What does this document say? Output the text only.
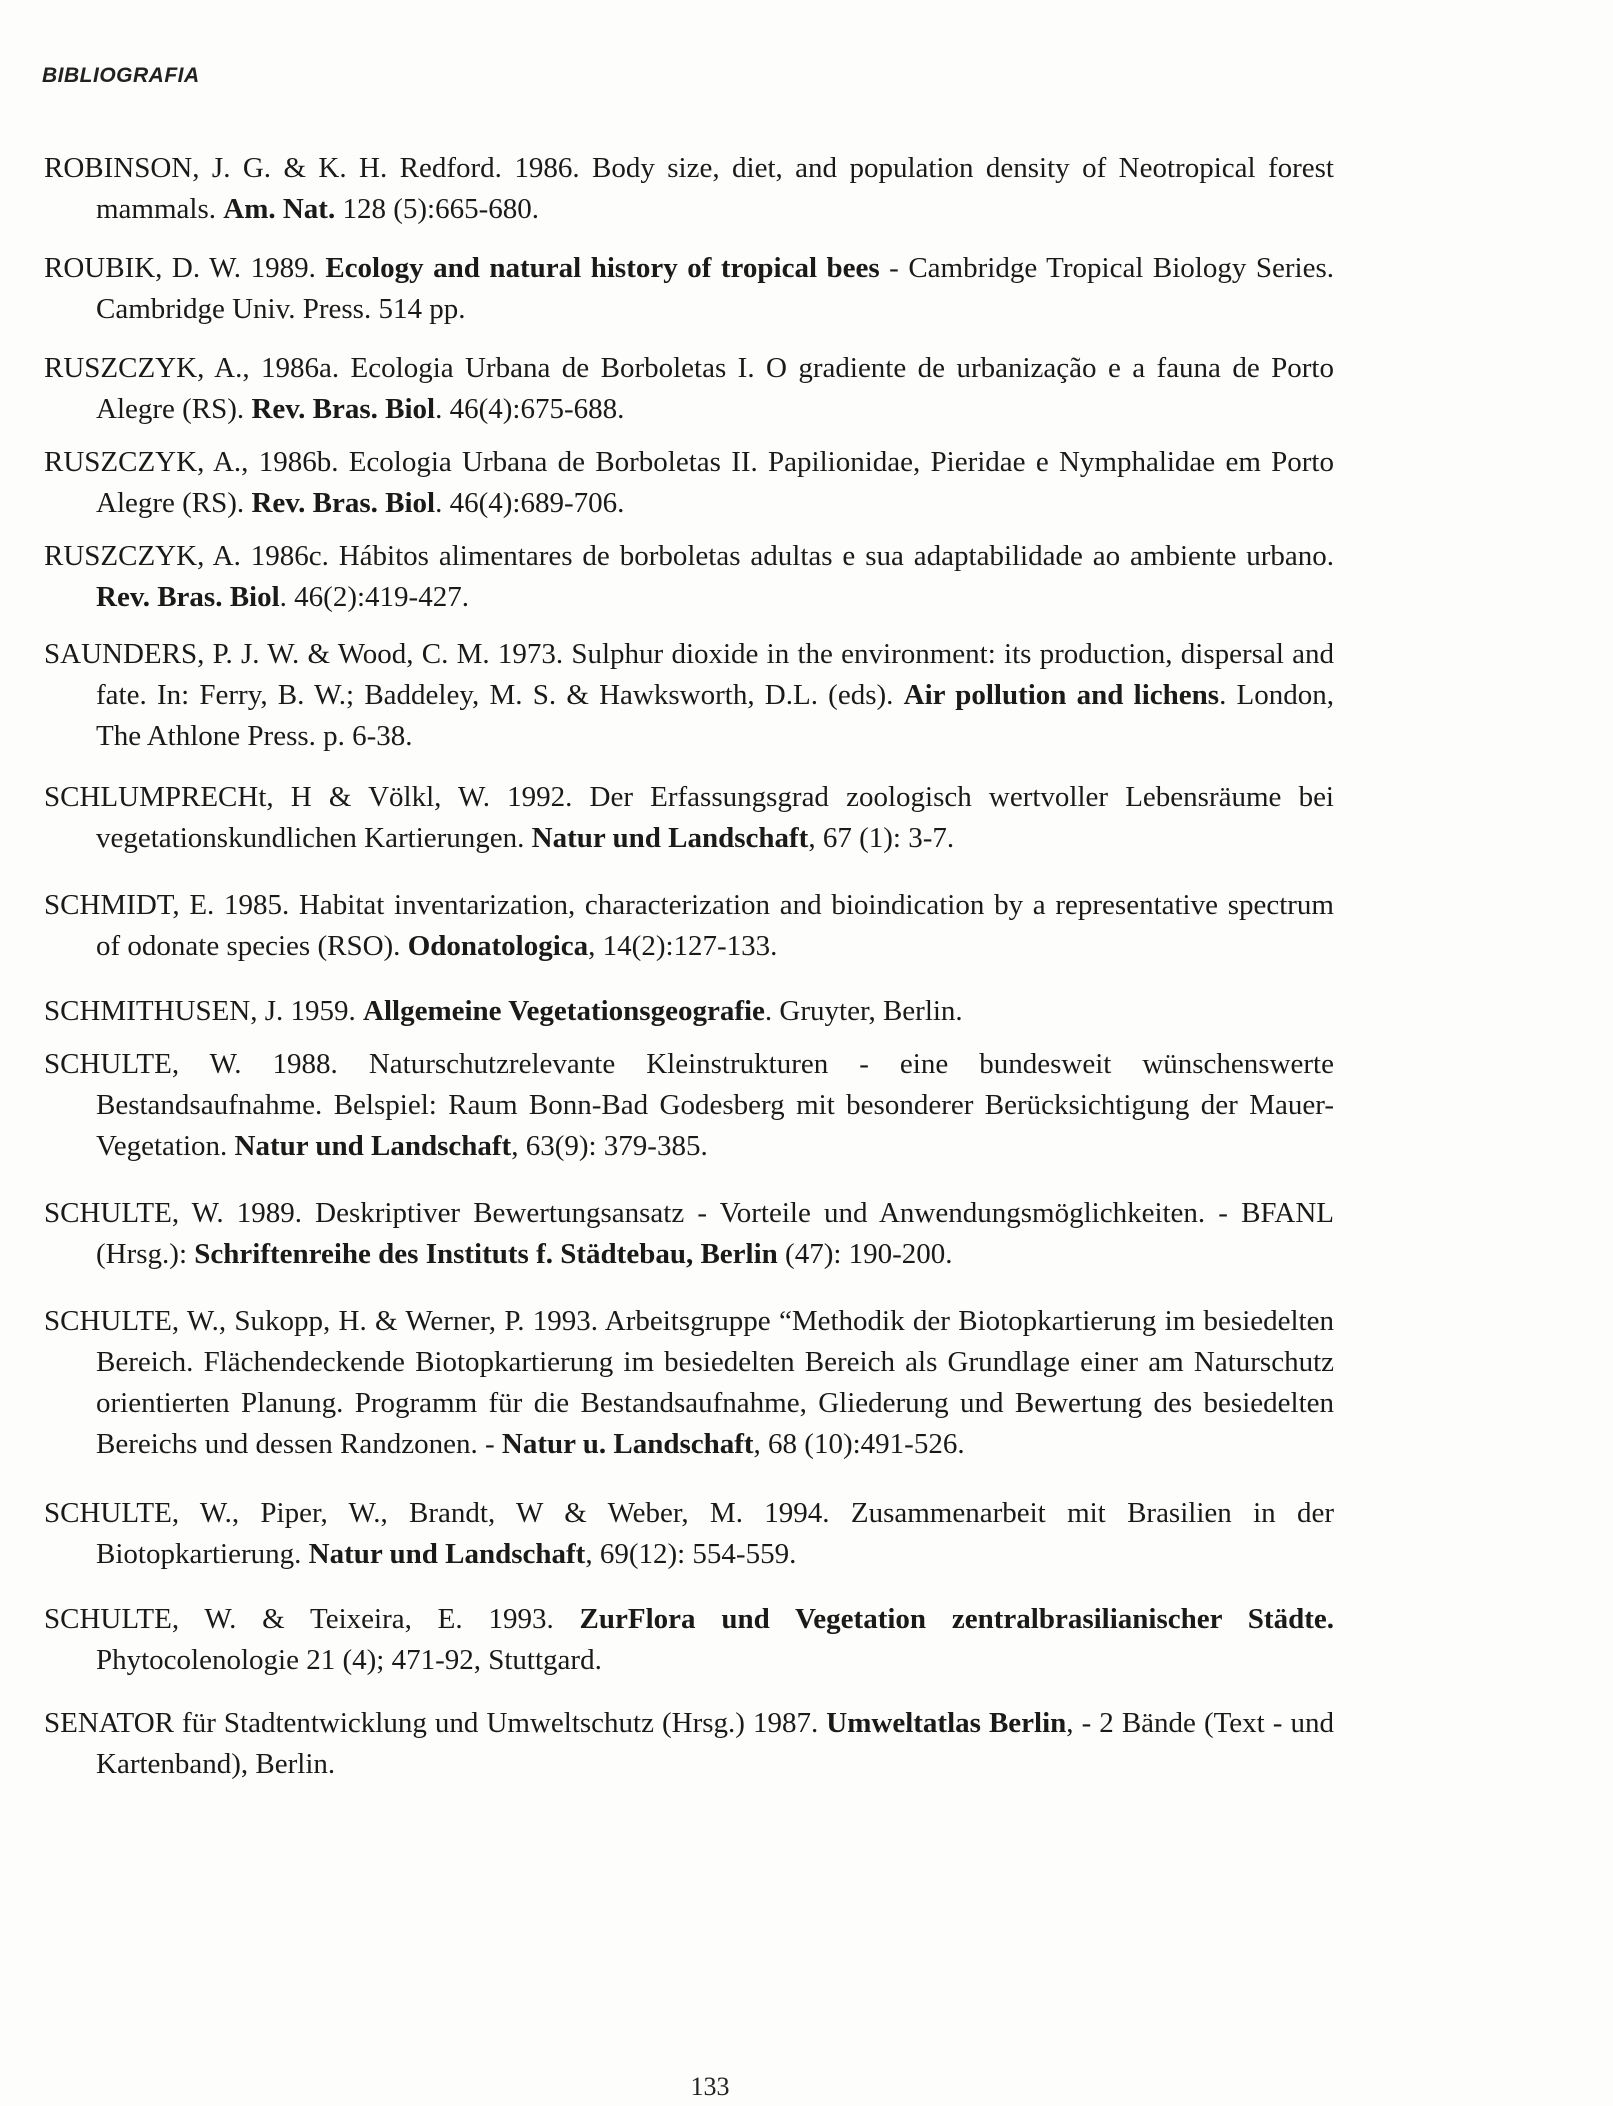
BIBLIOGRAFIA

ROBINSON, J. G. & K. H. Redford. 1986. Body size, diet, and population density of Neotropical forest mammals. Am. Nat. 128 (5):665-680.

ROUBIK, D. W. 1989. Ecology and natural history of tropical bees - Cambridge Tropical Biology Series. Cambridge Univ. Press. 514 pp.

RUSZCZYK, A., 1986a. Ecologia Urbana de Borboletas I. O gradiente de urbanização e a fauna de Porto Alegre (RS). Rev. Bras. Biol. 46(4):675-688.

RUSZCZYK, A., 1986b. Ecologia Urbana de Borboletas II. Papilionidae, Pieridae e Nymphalidae em Porto Alegre (RS). Rev. Bras. Biol. 46(4):689-706.

RUSZCZYK, A. 1986c. Hábitos alimentares de borboletas adultas e sua adaptabilidade ao ambiente urbano. Rev. Bras. Biol. 46(2):419-427.

SAUNDERS, P. J. W. & Wood, C. M. 1973. Sulphur dioxide in the environment: its production, dispersal and fate. In: Ferry, B. W.; Baddeley, M. S. & Hawksworth, D.L. (eds). Air pollution and lichens. London, The Athlone Press. p. 6-38.

SCHLUMPRECHt, H & Völkl, W. 1992. Der Erfassungsgrad zoologisch wertvoller Lebensräume bei vegetationskundlichen Kartierungen. Natur und Landschaft, 67 (1): 3-7.

SCHMIDT, E. 1985. Habitat inventarization, characterization and bioindication by a representative spectrum of odonate species (RSO). Odonatologica, 14(2):127-133.

SCHMITHUSEN, J. 1959. Allgemeine Vegetationsgeografie. Gruyter, Berlin.

SCHULTE, W. 1988. Naturschutzrelevante Kleinstrukturen - eine bundesweit wünschenswerte Bestandsaufnahme. Belspiel: Raum Bonn-Bad Godesberg mit besonderer Berücksichtigung der Mauer-Vegetation. Natur und Landschaft, 63(9): 379-385.

SCHULTE, W. 1989. Deskriptiver Bewertungsansatz - Vorteile und Anwendungsmöglichkeiten. - BFANL (Hrsg.): Schriftenreihe des Instituts f. Städtebau, Berlin (47): 190-200.

SCHULTE, W., Sukopp, H. & Werner, P. 1993. Arbeitsgruppe “Methodik der Biotopkartierung im besiedelten Bereich. Flächendeckende Biotopkartierung im besiedelten Bereich als Grundlage einer am Naturschutz orientierten Planung. Programm für die Bestandsaufnahme, Gliederung und Bewertung des besiedelten Bereichs und dessen Randzonen. - Natur u. Landschaft, 68 (10):491-526.

SCHULTE, W., Piper, W., Brandt, W & Weber, M. 1994. Zusammenarbeit mit Brasilien in der Biotopkartierung. Natur und Landschaft, 69(12): 554-559.

SCHULTE, W. & Teixeira, E. 1993. ZurFlora und Vegetation zentralbrasilianischer Städte. Phytocolenologie 21 (4); 471-92, Stuttgard.

SENATOR für Stadtentwicklung und Umweltschutz (Hrsg.) 1987. Umweltatlas Berlin, - 2 Bände (Text - und Kartenband), Berlin.

133
